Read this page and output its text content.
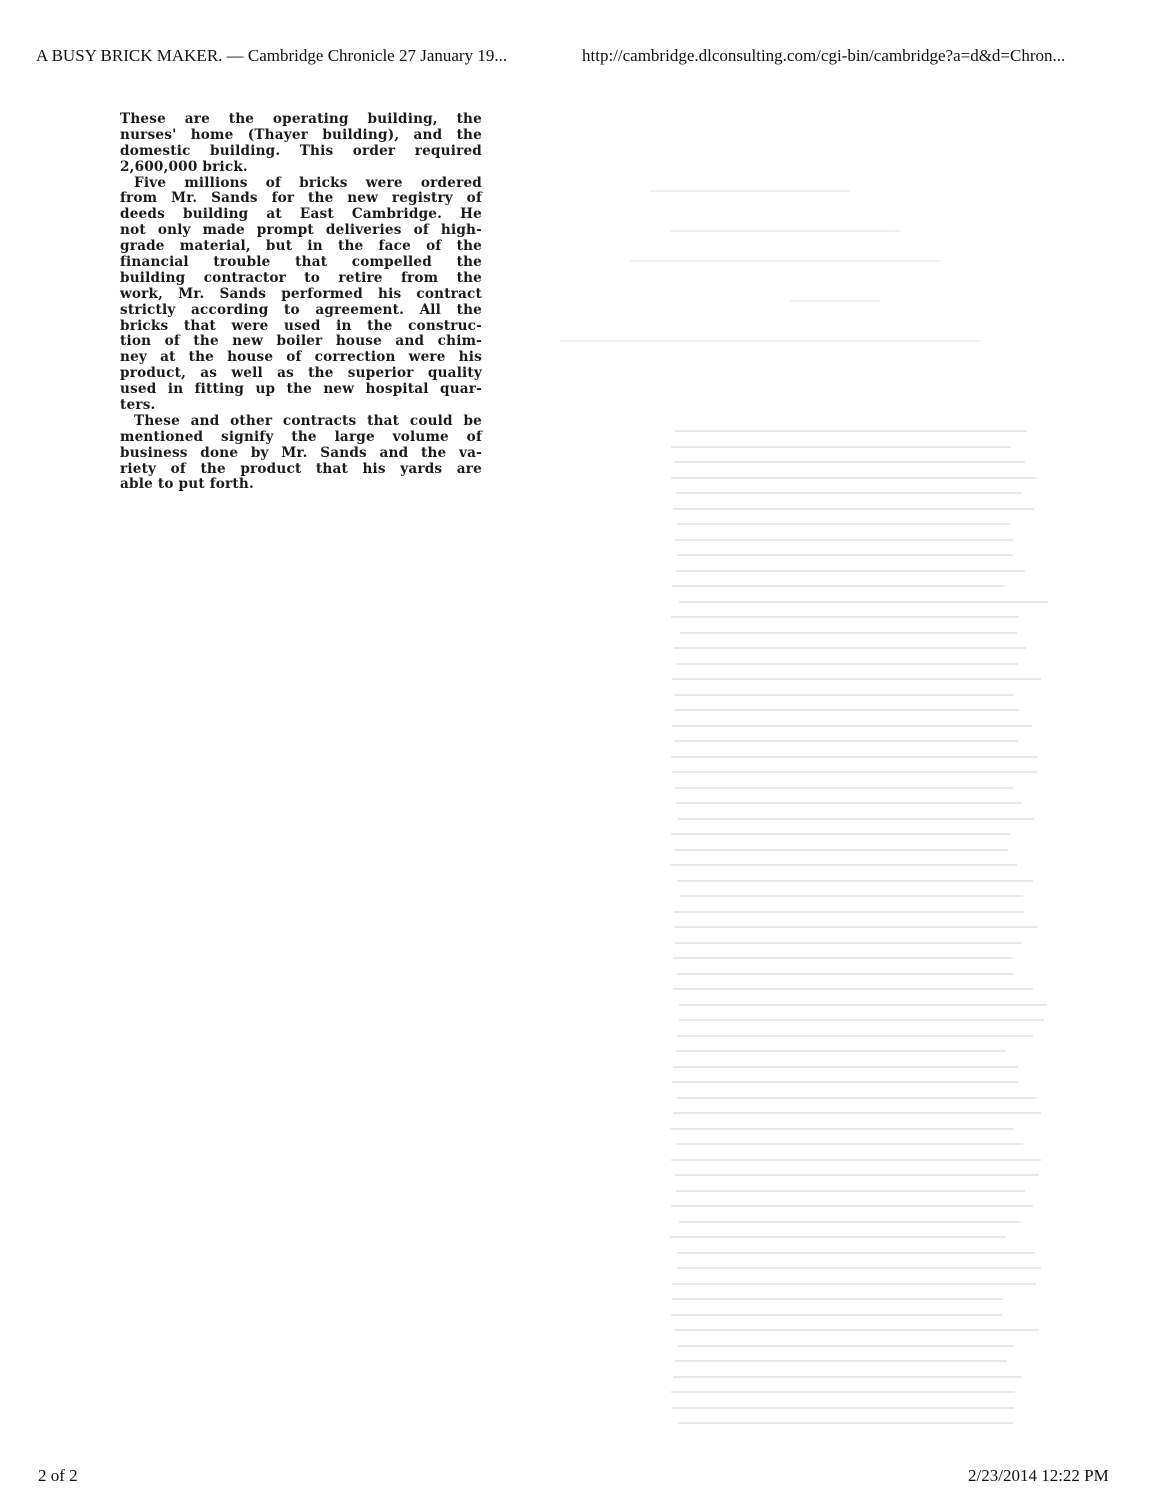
A BUSY BRICK MAKER. — Cambridge Chronicle 27 January 19...	http://cambridge.dlconsulting.com/cgi-bin/cambridge?a=d&d=Chron...
These are the operating building, the
nurses' home (Thayer building), and the
domestic building. This order required
2,600,000 brick.
Five millions of bricks were ordered
from Mr. Sands for the new registry of
deeds building at East Cambridge. He
not only made prompt deliveries of high-
grade material, but in the face of the
financial trouble that compelled the
building contractor to retire from the
work, Mr. Sands performed his contract
strictly according to agreement. All the
bricks that were used in the construc-
tion of the new boiler house and chim-
ney at the house of correction were his
product, as well as the superior quality
used in fitting up the new hospital quar-
ters.
These and other contracts that could be
mentioned signify the large volume of
business done by Mr. Sands and the va-
riety of the product that his yards are
able to put forth.
2 of 2	2/23/2014 12:22 PM
